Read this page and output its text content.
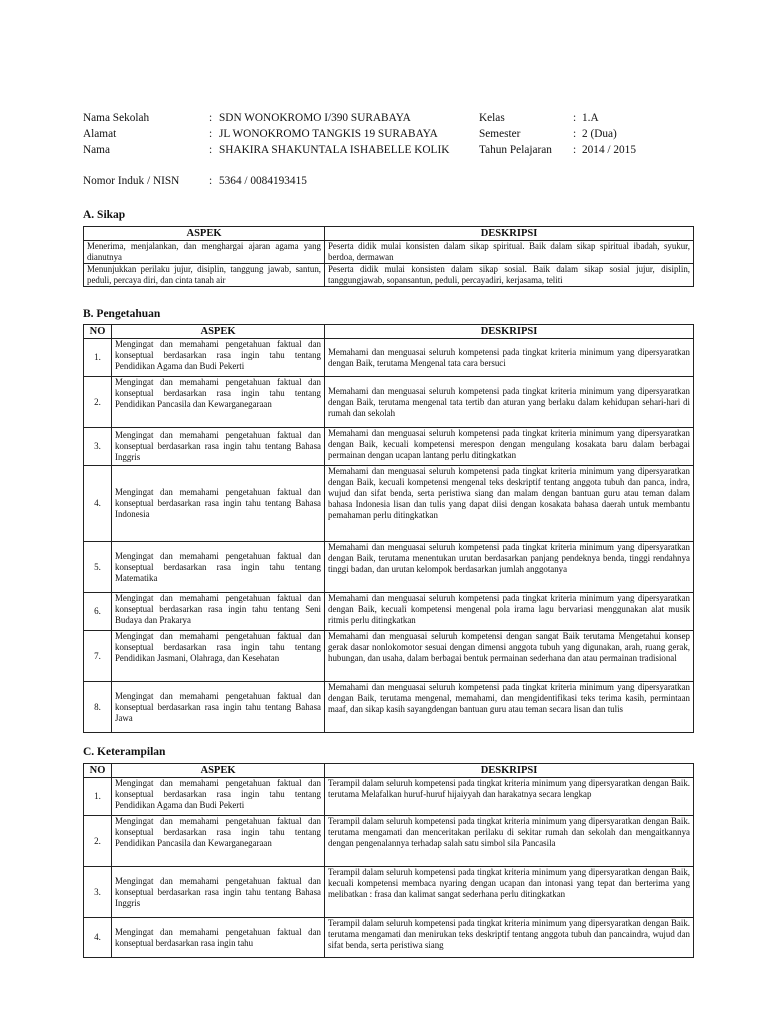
Nama Sekolah	: SDN WONOKROMO I/390 SURABAYA	Kelas	: 1.A
Alamat	: JL WONOKROMO TANGKIS 19 SURABAYA	Semester	: 2 (Dua)
Nama	: SHAKIRA SHAKUNTALA ISHABELLE KOLIK	Tahun Pelajaran : 2014 / 2015
Nomor Induk / NISN	: 5364 / 0084193415
A. Sikap
ASPEK	DESKRIPSI
Menerima, menjalankan, dan menghargai ajaran agama yang dianutnya	Peserta didik mulai konsisten dalam sikap spiritual. Baik dalam sikap spiritual ibadah, syukur, berdoa, dermawan
Menunjukkan perilaku jujur, disiplin, tanggung jawab, santun, peduli, percaya diri, dan cinta tanah air	Peserta didik mulai konsisten dalam sikap sosial. Baik dalam sikap sosial jujur, disiplin, tanggungjawab, sopansantun, peduli, percayadiri, kerjasama, teliti
B. Pengetahuan
NO	ASPEK	DESKRIPSI
1.	Mengingat dan memahami pengetahuan faktual dan konseptual berdasarkan rasa ingin tahu tentang Pendidikan Agama dan Budi Pekerti	Memahami dan menguasai seluruh kompetensi pada tingkat kriteria minimum yang dipersyaratkan dengan Baik, terutama Mengenal tata cara bersuci
2.	Mengingat dan memahami pengetahuan faktual dan konseptual berdasarkan rasa ingin tahu tentang Pendidikan Pancasila dan Kewarganegaraan	Memahami dan menguasai seluruh kompetensi pada tingkat kriteria minimum yang dipersyaratkan dengan Baik, terutama mengenal tata tertib dan aturan yang berlaku dalam kehidupan sehari-hari di rumah dan sekolah
3.	Mengingat dan memahami pengetahuan faktual dan konseptual berdasarkan rasa ingin tahu tentang Bahasa Inggris	Memahami dan menguasai seluruh kompetensi pada tingkat kriteria minimum yang dipersyaratkan dengan Baik, kecuali kompetensi merespon dengan mengulang kosakata baru dalam berbagai permainan dengan ucapan lantang perlu ditingkatkan
4.	Mengingat dan memahami pengetahuan faktual dan konseptual berdasarkan rasa ingin tahu tentang Bahasa Indonesia	Memahami dan menguasai seluruh kompetensi pada tingkat kriteria minimum yang dipersyaratkan dengan Baik, kecuali kompetensi mengenal teks deskriptif tentang anggota tubuh dan panca, indra, wujud dan sifat benda, serta peristiwa siang dan malam dengan bantuan guru atau teman dalam bahasa Indonesia lisan dan tulis yang dapat diisi dengan kosakata bahasa daerah untuk membantu pemahaman perlu ditingkatkan
5.	Mengingat dan memahami pengetahuan faktual dan konseptual berdasarkan rasa ingin tahu tentang Matematika	Memahami dan menguasai seluruh kompetensi pada tingkat kriteria minimum yang dipersyaratkan dengan Baik, terutama menentukan urutan berdasarkan panjang pendeknya benda, tinggi rendahnya tinggi badan, dan urutan kelompok berdasarkan jumlah anggotanya
6.	Mengingat dan memahami pengetahuan faktual dan konseptual berdasarkan rasa ingin tahu tentang Seni Budaya dan Prakarya	Memahami dan menguasai seluruh kompetensi pada tingkat kriteria minimum yang dipersyaratkan dengan Baik, kecuali kompetensi mengenal pola irama lagu bervariasi menggunakan alat musik ritmis perlu ditingkatkan
7.	Mengingat dan memahami pengetahuan faktual dan konseptual berdasarkan rasa ingin tahu tentang Pendidikan Jasmani, Olahraga, dan Kesehatan	Memahami dan menguasai seluruh kompetensi dengan sangat Baik terutama Mengetahui konsep gerak dasar nonlokomotor sesuai dengan dimensi anggota tubuh yang digunakan, arah, ruang gerak, hubungan, dan usaha, dalam berbagai bentuk permainan sederhana dan atau permainan tradisional
8.	Mengingat dan memahami pengetahuan faktual dan konseptual berdasarkan rasa ingin tahu tentang Bahasa Jawa	Memahami dan menguasai seluruh kompetensi pada tingkat kriteria minimum yang dipersyaratkan dengan Baik, terutama mengenal, memahami, dan mengidentifikasi teks terima kasih, permintaan maaf, dan sikap kasih sayangdengan bantuan guru atau teman secara lisan dan tulis
C. Keterampilan
NO	ASPEK	DESKRIPSI
1.	Mengingat dan memahami pengetahuan faktual dan konseptual berdasarkan rasa ingin tahu tentang Pendidikan Agama dan Budi Pekerti	Terampil dalam seluruh kompetensi pada tingkat kriteria minimum yang dipersyaratkan dengan Baik. terutama Melafalkan huruf-huruf hijaiyyah dan harakatnya secara lengkap
2.	Mengingat dan memahami pengetahuan faktual dan konseptual berdasarkan rasa ingin tahu tentang Pendidikan Pancasila dan Kewarganegaraan	Terampil dalam seluruh kompetensi pada tingkat kriteria minimum yang dipersyaratkan dengan Baik. terutama mengamati dan menceritakan perilaku di sekitar rumah dan sekolah dan mengaitkannya dengan pengenalannya terhadap salah satu simbol sila Pancasila
3.	Mengingat dan memahami pengetahuan faktual dan konseptual berdasarkan rasa ingin tahu tentang Bahasa Inggris	Terampil dalam seluruh kompetensi pada tingkat kriteria minimum yang dipersyaratkan dengan Baik, kecuali kompetensi membaca nyaring dengan ucapan dan intonasi yang tepat dan berterima yang melibatkan : frasa dan kalimat sangat sederhana perlu ditingkatkan
4.	Mengingat dan memahami pengetahuan faktual dan konseptual berdasarkan rasa ingin tahu	Terampil dalam seluruh kompetensi pada tingkat kriteria minimum yang dipersyaratkan dengan Baik. terutama mengamati dan menirukan teks deskriptif tentang anggota tubuh dan pancaindra, wujud dan sifat benda, serta peristiwa siang
